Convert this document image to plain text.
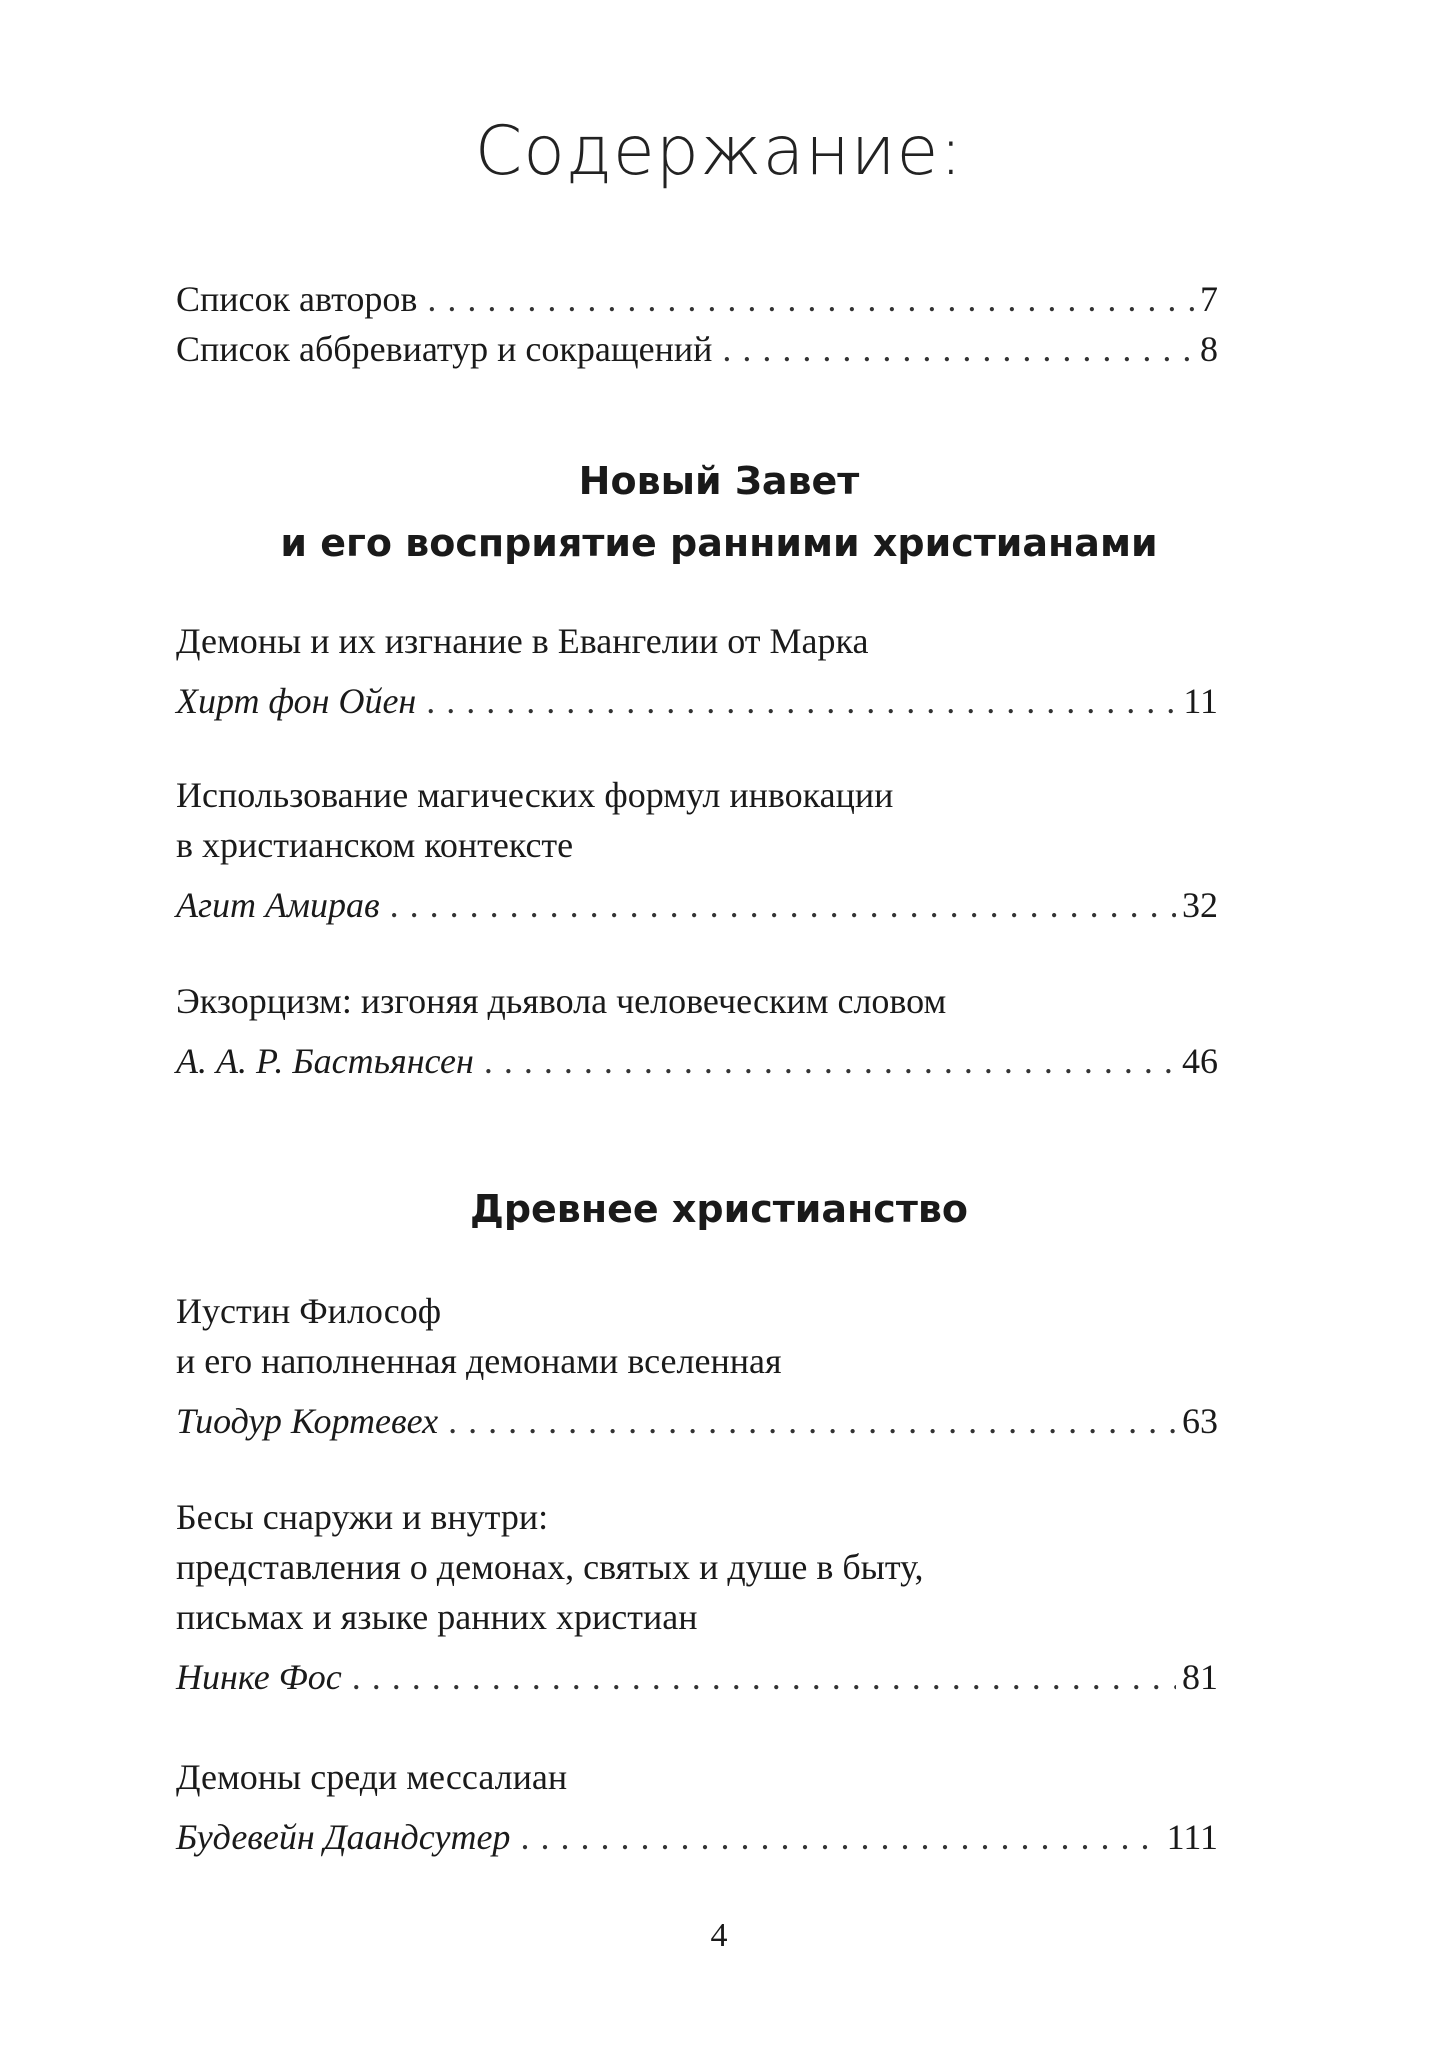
Содержание:
Список авторов . . .	7
Список аббревиатур и сокращений . . .	8
Новый Завет
и его восприятие ранними христианами
Демоны и их изгнание в Евангелии от Марка
Хирт фон Ойен . . .	11
Использование магических формул инвокации
в христианском контексте
Агит Амирав . . .	32
Экзорцизм: изгоняя дьявола человеческим словом
А. А. Р. Бастьянсен . . .	46
Древнее христианство
Иустин Философ
и его наполненная демонами вселенная
Тиодур Кортевех . . .	63
Бесы снаружи и внутри:
представления о демонах, святых и душе в быту,
письмах и языке ранних христиан
Нинке Фос . . .	81
Демоны среди мессалиан
Будевейн Даандсутер . . .	111
4
